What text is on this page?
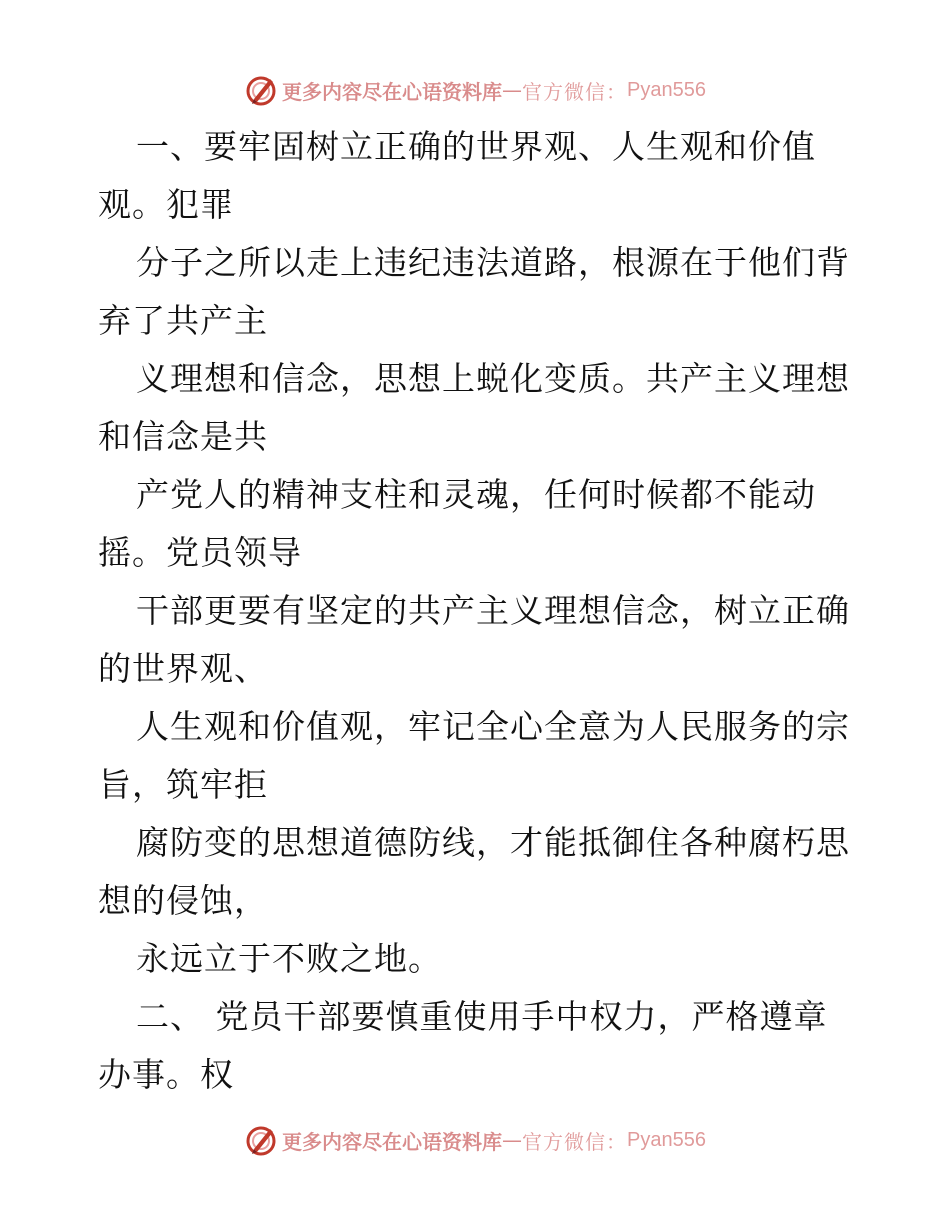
更多内容尽在心语资料库 — 官方微信： Pyan556
一、要牢固树立正确的世界观、人生观和价值
观。犯罪
分子之所以走上违纪违法道路，根源在于他们背
弃了共产主
义理想和信念，思想上蜕化变质。共产主义理想
和信念是共
产党人的精神支柱和灵魂，任何时候都不能动
摇。党员领导
干部更要有坚定的共产主义理想信念，树立正确
的世界观、
人生观和价值观，牢记全心全意为人民服务的宗
旨，筑牢拒
腐防变的思想道德防线，才能抵御住各种腐朽思
想的侵蚀，
永远立于不败之地。
二、 党员干部要慎重使用手中权力，严格遵章
办事。权
更多内容尽在心语资料库 — 官方微信： Pyan556
